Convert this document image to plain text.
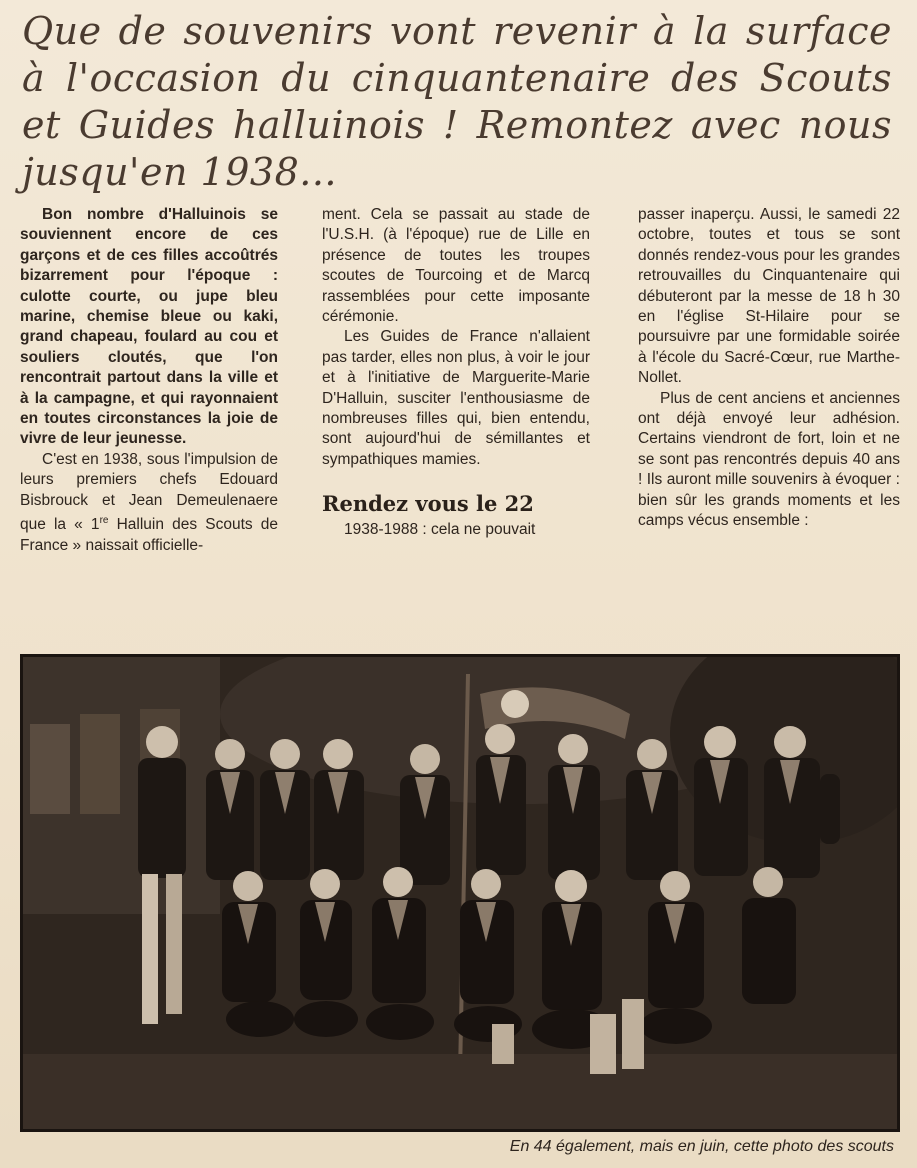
Que de souvenirs vont revenir à la surface à l'occasion du cinquantenaire des Scouts et Guides halluinois ! Remontez avec nous jusqu'en 1938...

Bon nombre d'Halluinois se souviennent encore de ces garçons et de ces filles accoûtrés bizarrement pour l'époque : culotte courte, ou jupe bleu marine, chemise bleue ou kaki, grand chapeau, foulard au cou et souliers cloutés, que l'on rencontrait partout dans la ville et à la campagne, et qui rayonnaient en toutes circonstances la joie de vivre de leur jeunesse.

C'est en 1938, sous l'impulsion de leurs premiers chefs Edouard Bisbrouck et Jean Demeulenaere que la « 1re Halluin des Scouts de France » naissait officielle-

ment. Cela se passait au stade de l'U.S.H. (à l'époque) rue de Lille en présence de toutes les troupes scoutes de Tourcoing et de Marcq rassemblées pour cette imposante cérémonie.

Les Guides de France n'allaient pas tarder, elles non plus, à voir le jour et à l'initiative de Marguerite-Marie D'Halluin, susciter l'enthousiasme de nombreuses filles qui, bien entendu, sont aujourd'hui de sémillantes et sympathiques mamies.

Rendez vous le 22

1938-1988 : cela ne pouvait

passer inaperçu. Aussi, le samedi 22 octobre, toutes et tous se sont donnés rendez-vous pour les grandes retrouvailles du Cinquantenaire qui débuteront par la messe de 18 h 30 en l'église St-Hilaire pour se poursuivre par une formidable soirée à l'école du Sacré-Cœur, rue Marthe-Nollet.

Plus de cent anciens et anciennes ont déjà envoyé leur adhésion. Certains viendront de fort, loin et ne se sont pas rencontrés depuis 40 ans ! Ils auront mille souvenirs à évoquer : bien sûr les grands moments et les camps vécus ensemble :

En 44 également, mais en juin, cette photo des scouts
